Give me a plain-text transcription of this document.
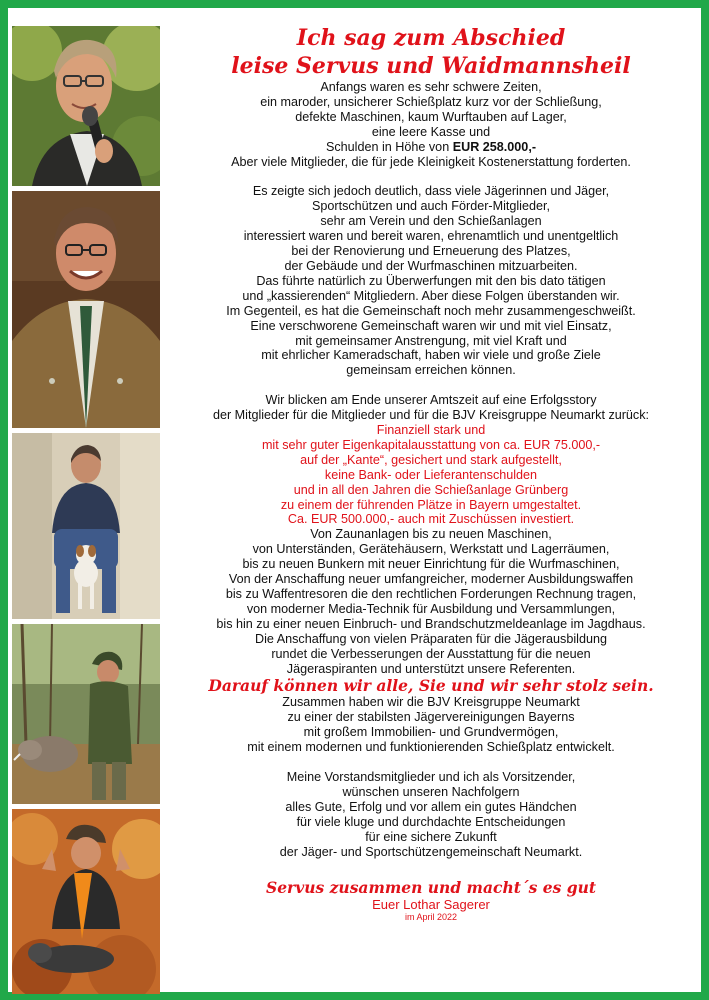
Ich sag zum Abschied
leise Servus und Waidmannsheil
Anfangs waren es sehr schwere Zeiten,
ein maroder, unsicherer Schießplatz kurz vor der Schließung,
defekte Maschinen, kaum Wurftauben auf Lager,
eine leere Kasse und
Schulden in Höhe von EUR 258.000,-
Aber viele Mitglieder, die für jede Kleinigkeit Kostenerstattung forderten.
Es zeigte sich jedoch deutlich, dass viele Jägerinnen und Jäger,
Sportschützen und auch Förder-Mitglieder,
sehr am Verein und den Schießanlagen
interessiert waren und bereit waren, ehrenamtlich und unentgeltlich
bei der Renovierung und Erneuerung des Platzes,
der Gebäude und der Wurfmaschinen mitzuarbeiten.
Das führte natürlich zu Überwerfungen mit den bis dato tätigen
und „kassierenden“ Mitgliedern. Aber diese Folgen überstanden wir.
Im Gegenteil, es hat die Gemeinschaft noch mehr zusammengeschweißt.
Eine verschworene Gemeinschaft waren wir und mit viel Einsatz,
mit gemeinsamer Anstrengung, mit viel Kraft und
mit ehrlicher Kameradschaft, haben wir viele und große Ziele
gemeinsam erreichen können.
Wir blicken am Ende unserer Amtszeit auf eine Erfolgsstory
der Mitglieder für die Mitglieder und für die BJV Kreisgruppe Neumarkt zurück:
Finanziell stark und
mit sehr guter Eigenkapitalausstattung von ca. EUR 75.000,-
auf der „Kante“, gesichert und stark aufgestellt,
keine Bank- oder Lieferantenschulden
und in all den Jahren die Schießanlage Grünberg
zu einem der führenden Plätze in Bayern umgestaltet.
Ca. EUR 500.000,- auch mit Zuschüssen investiert.
Von Zaunanlagen bis zu neuen Maschinen,
von Unterständen, Gerätehäusern, Werkstatt und Lagerräumen,
bis zu neuen Bunkern mit neuer Einrichtung für die Wurfmaschinen,
Von der Anschaffung neuer umfangreicher, moderner Ausbildungswaffen
bis zu Waffentresoren die den rechtlichen Forderungen Rechnung tragen,
von moderner Media-Technik für Ausbildung und Versammlungen,
bis hin zu einer neuen Einbruch- und Brandschutzmeldeanlage im Jagdhaus.
Die Anschaffung von vielen Präparaten für die Jägerausbildung
rundet die Verbesserungen der Ausstattung für die neuen
Jägeraspiranten und unterstützt unsere Referenten.
Darauf können wir alle, Sie und wir sehr stolz sein.
Zusammen haben wir die BJV Kreisgruppe Neumarkt
zu einer der stabilsten Jägervereinigungen Bayerns
mit großem Immobilien- und Grundvermögen,
mit einem modernen und funktionierenden Schießplatz entwickelt.
Meine Vorstandsmitglieder und ich als Vorsitzender,
wünschen unseren Nachfolgern
alles Gute, Erfolg und vor allem ein gutes Händchen
für viele kluge und durchdachte Entscheidungen
für eine sichere Zukunft
der Jäger- und Sportschützengemeinschaft Neumarkt.
Servus zusammen und macht´s es gut
Euer Lothar Sagerer
im April 2022
